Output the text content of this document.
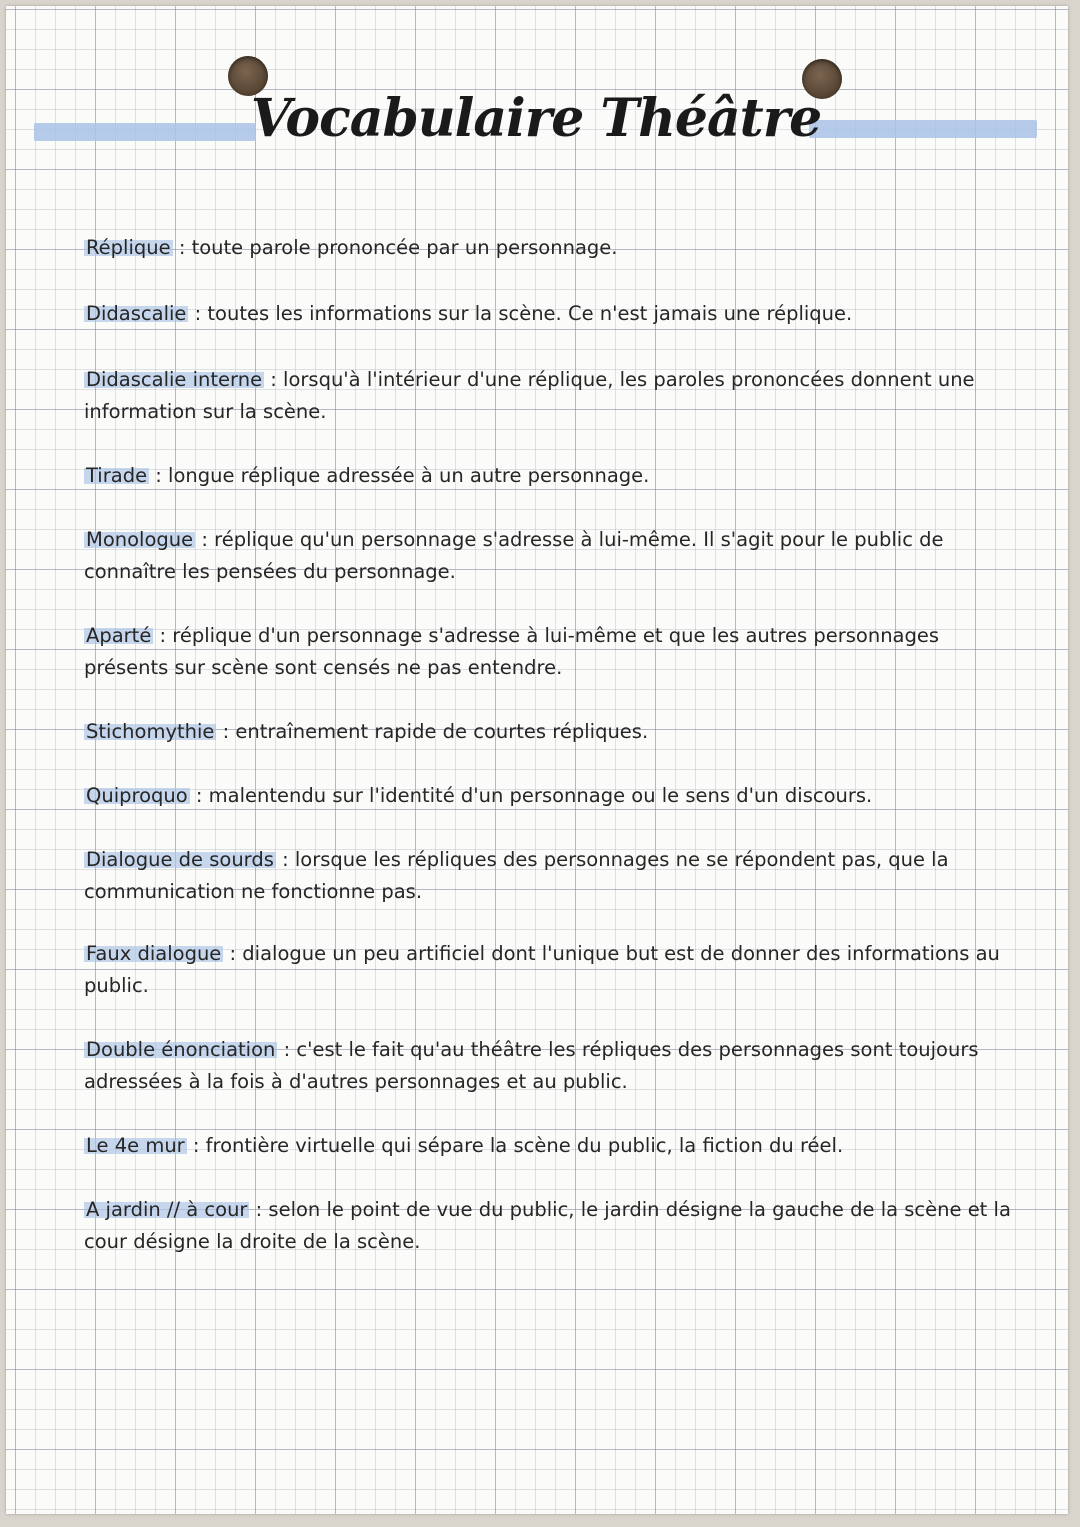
Vocabulaire Théâtre
Réplique : toute parole prononcée par un personnage.
Didascalie : toutes les informations sur la scène. Ce n'est jamais une réplique.
Didascalie interne : lorsqu'à l'intérieur d'une réplique, les paroles prononcées donnent une information sur la scène.
Tirade : longue réplique adressée à un autre personnage.
Monologue : réplique qu'un personnage s'adresse à lui-même. Il s'agit pour le public de connaître les pensées du personnage.
Aparté : réplique d'un personnage s'adresse à lui-même et que les autres personnages présents sur scène sont censés ne pas entendre.
Stichomythie : entraînement rapide de courtes répliques.
Quiproquo : malentendu sur l'identité d'un personnage ou le sens d'un discours.
Dialogue de sourds : lorsque les répliques des personnages ne se répondent pas, que la communication ne fonctionne pas.
Faux dialogue : dialogue un peu artificiel dont l'unique but est de donner des informations au public.
Double énonciation : c'est le fait qu'au théâtre les répliques des personnages sont toujours adressées à la fois à d'autres personnages et au public.
Le 4e mur : frontière virtuelle qui sépare la scène du public, la fiction du réel.
A jardin // à cour : selon le point de vue du public, le jardin désigne la gauche de la scène et la cour désigne la droite de la scène.
